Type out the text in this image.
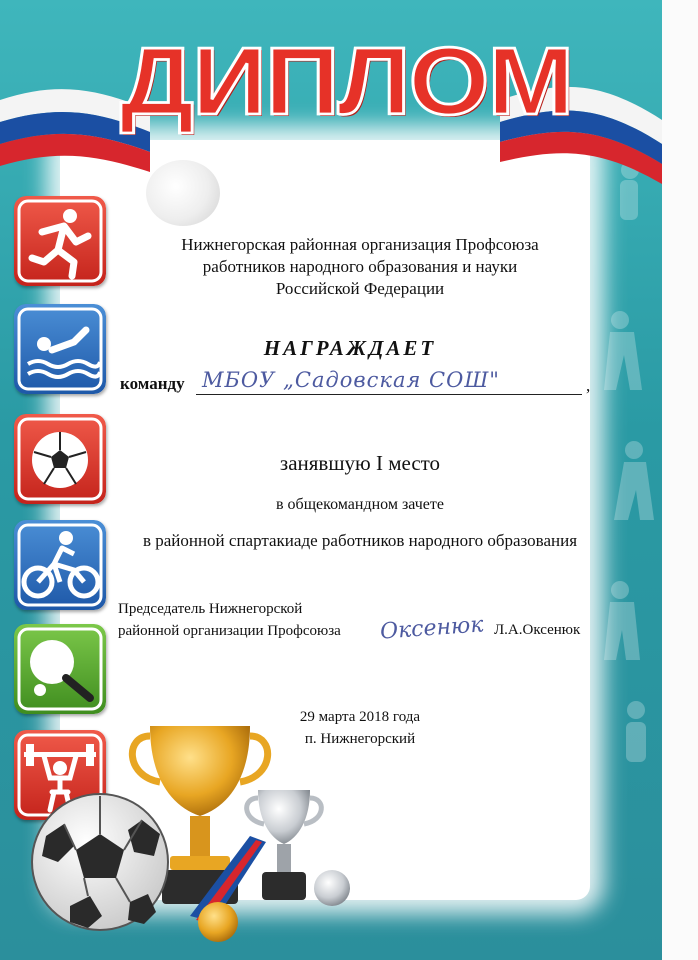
ДИПЛОМ
Нижнегорская районная организация Профсоюза
работников народного образования и науки
Российской Федерации
НАГРАЖДАЕТ
команду МБОУ „Садовская СОШ"	,
занявшую I место
в общекомандном зачете
в районной спартакиаде работников народного образования
Председатель Нижнегорской
районной организации Профсоюза Оксенюк Л.А.Оксенюк
29 марта 2018 года
п. Нижнегорский
